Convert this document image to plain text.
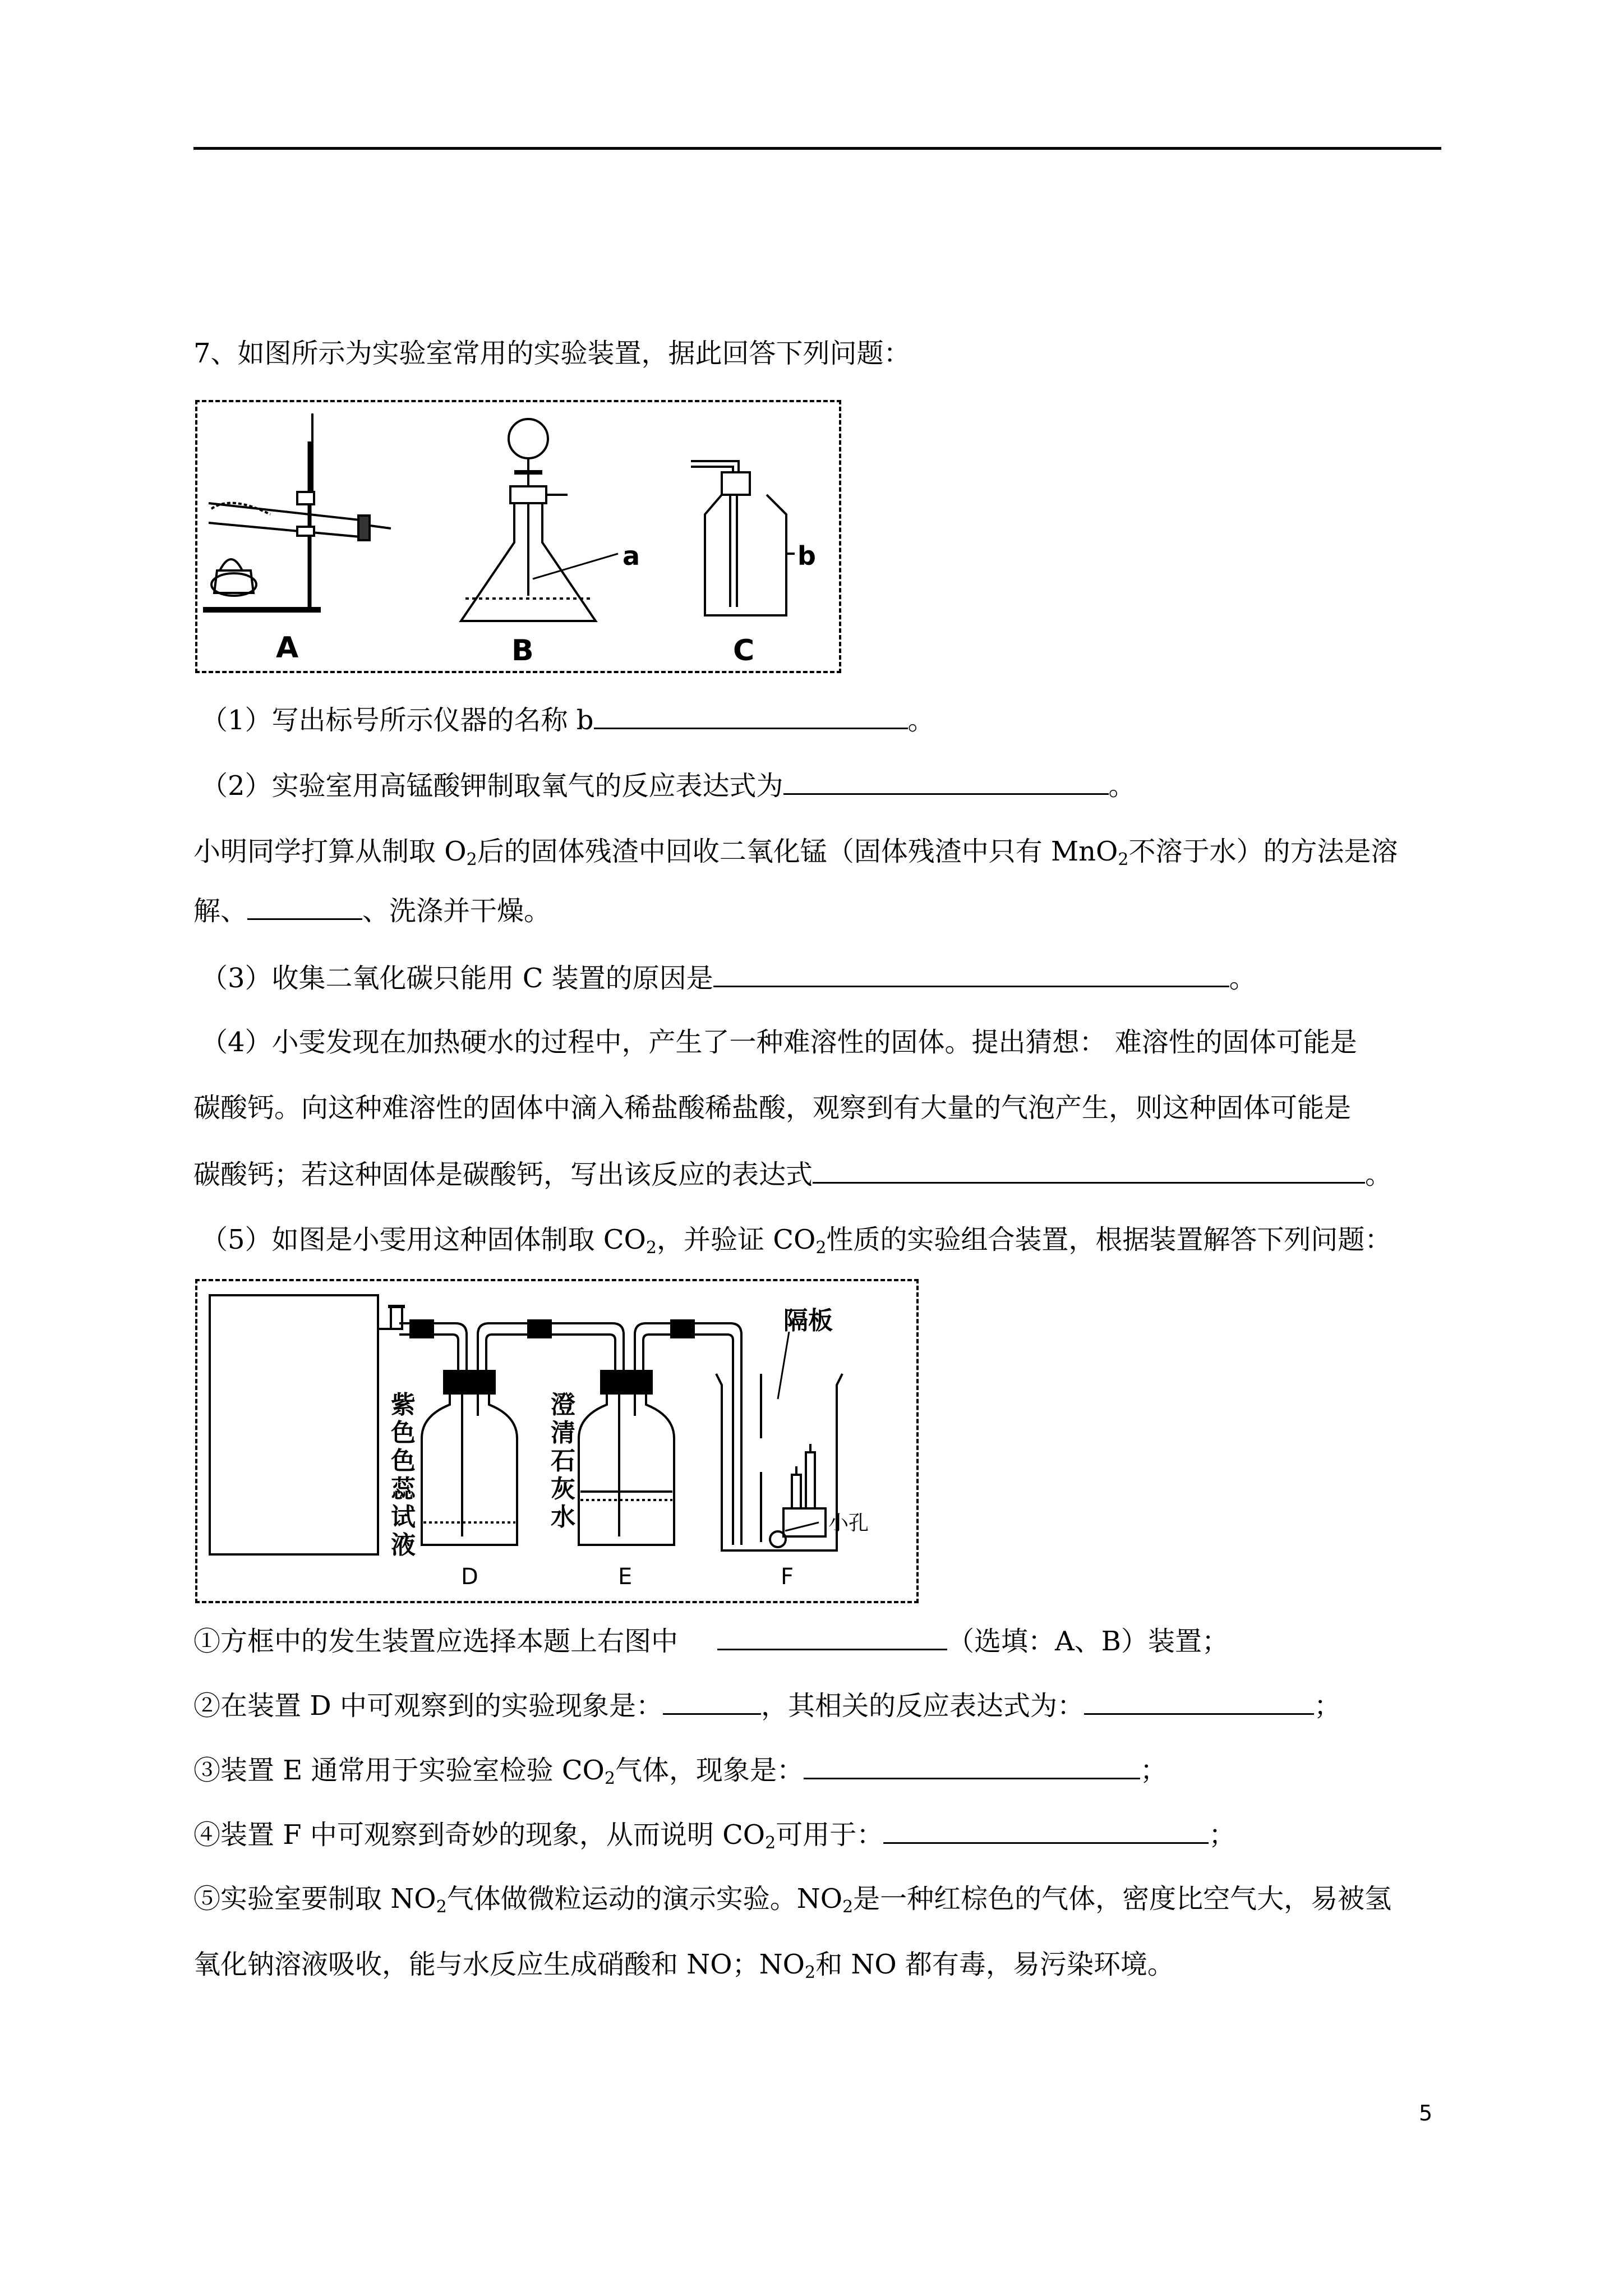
7、如图所示为实验室常用的实验装置，据此回答下列问题：
A
a
B
b
C
（1）写出标号所示仪器的名称 b	。
（2）实验室用高锰酸钾制取氧气的反应表达式为	。
小明同学打算从制取 $O_2$后的固体残渣中回收二氧化锰（固体残渣中只有 MnO$_2$不溶于水）的方法是溶
解、	、洗涤并干燥。
（3）收集二氧化碳只能用 C 装置的原因是	。
（4）小雯发现在加热硬水的过程中，产生了一种难溶性的固体。提出猜想： 难溶性的固体可能是
碳酸钙。向这种难溶性的固体中滴入稀盐酸稀盐酸，观察到有大量的气泡产生，则这种固体可能是
碳酸钙；若这种固体是碳酸钙，写出该反应的表达式	。
（5）如图是小雯用这种固体制取 $CO_2$，并验证 $CO_2$性质的实验组合装置，根据装置解答下列问题：
隔板
小孔
紫
色
色
蕊
试
液
澄
清
石
灰
水
D	E	F
①方框中的发生装置应选择本题上右图中	（选填：A、B）装置；
②在装置 D 中可观察到的实验现象是：	，其相关的反应表达式为：	；
③装置 E 通常用于实验室检验 $CO_2$气体，现象是：	；
④装置 F 中可观察到奇妙的现象，从而说明 $CO_2$可用于：	；
⑤实验室要制取 $NO_2$气体做微粒运动的演示实验。$NO_2$是一种红棕色的气体，密度比空气大，易被氢
氧化钠溶液吸收，能与水反应生成硝酸和 NO；$NO_2$和 NO 都有毒，易污染环境。
5
